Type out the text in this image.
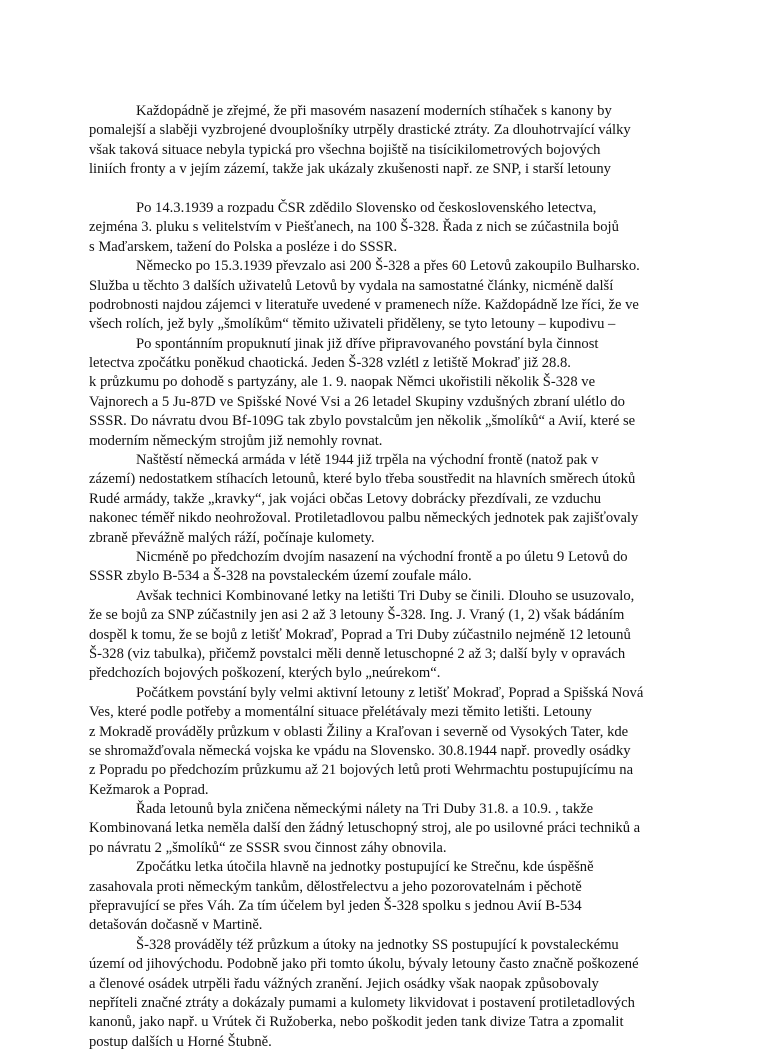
Každopádně je zřejmé, že při masovém nasazení moderních stíhaček s kanony by
pomalejší a slaběji vyzbrojené dvouplošníky utrpěly drastické ztráty. Za dlouhotrvající války
však taková situace nebyla typická pro všechna bojiště na tisícikilometrových bojových
liniích fronty a v jejím zázemí, takže jak ukázaly zkušenosti např. ze SNP, i starší letouny
Po 14.3.1939 a rozpadu ČSR zdědilo Slovensko od československého letectva,
zejména 3. pluku s velitelstvím v Piešťanech, na 100 Š-328. Řada z nich se zúčastnila bojů
s Maďarskem, tažení do Polska a posléze i do SSSR.
Německo po 15.3.1939 převzalo asi 200 Š-328 a přes 60 Letovů zakoupilo Bulharsko.
Služba u těchto 3 dalších uživatelů Letovů by vydala na samostatné články, nicméně další
podrobnosti najdou zájemci v literatuře uvedené v pramenech níže. Každopádně lze říci, že ve
všech rolích, jež byly „šmolíkům“ těmito uživateli přiděleny, se tyto letouny – kupodivu –
Po spontánním propuknutí jinak již dříve připravovaného povstání byla činnost
letectva zpočátku poněkud chaotická. Jeden Š-328 vzlétl z letiště Mokraď již 28.8.
k průzkumu po dohodě s partyzány, ale 1. 9. naopak Němci ukořistili několik Š-328 ve
Vajnorech a 5 Ju-87D ve Spišské Nové Vsi a 26 letadel Skupiny vzdušných zbraní ulétlo do
SSSR. Do návratu dvou Bf-109G tak zbylo povstalcům jen několik „šmolíků“ a Avií, které se
moderním německým strojům již nemohly rovnat.
Naštěstí německá armáda v létě 1944 již trpěla na východní frontě (natož pak v
zázemí) nedostatkem stíhacích letounů, které bylo třeba soustředit na hlavních směrech útoků
Rudé armády, takže „kravky“, jak vojáci občas Letovy dobrácky přezdívali, ze vzduchu
nakonec téměř nikdo neohrožoval. Protiletadlovou palbu německých jednotek pak zajišťovaly
zbraně převážně malých ráží, počínaje kulomety.
Nicméně po předchozím dvojím nasazení na východní frontě a po úletu 9 Letovů do
SSSR zbylo B-534 a Š-328 na povstaleckém území zoufale málo.
Avšak technici Kombinované letky na letišti Tri Duby se činili. Dlouho se usuzovalo,
že se bojů za SNP zúčastnily jen asi 2 až 3 letouny Š-328. Ing. J. Vraný (1, 2) však bádáním
dospěl k tomu, že se bojů z letišť Mokraď, Poprad a Tri Duby zúčastnilo nejméně 12 letounů
Š-328 (viz tabulka), přičemž povstalci měli denně letuschopné 2 až 3; další byly v opravách
předchozích bojových poškození, kterých bylo „neúrekom“.
Počátkem povstání byly velmi aktivní letouny z letišť Mokraď, Poprad a Spišská Nová
Ves, které podle potřeby a momentální situace přelétávaly mezi těmito letišti. Letouny
z Mokradě prováděly průzkum v oblasti Žiliny a Kraľovan i severně od Vysokých Tater, kde
se shromažďovala německá vojska ke vpádu na Slovensko. 30.8.1944 např. provedly osádky
z Popradu po předchozím průzkumu až 21 bojových letů proti Wehrmachtu postupujícímu na
Kežmarok a Poprad.
Řada letounů byla zničena německými nálety na Tri Duby 31.8. a 10.9. , takže
Kombinovaná letka neměla další den žádný letuschopný stroj, ale po usilovné práci techniků a
po návratu 2 „šmolíků“ ze SSSR svou činnost záhy obnovila.
Zpočátku letka útočila hlavně na jednotky postupující ke Strečnu, kde úspěšně
zasahovala proti německým tankům, dělostřelectvu a jeho pozorovatelnám i pěchotě
přepravující se přes Váh. Za tím účelem byl jeden Š-328 spolku s jednou Avií B-534
detašován dočasně v Martině.
Š-328 prováděly též průzkum a útoky na jednotky SS postupující k povstaleckému
území od jihovýchodu. Podobně jako při tomto úkolu, bývaly letouny často značně poškozené
a členové osádek utrpěli řadu vážných zranění. Jejich osádky však naopak způsobovaly
nepříteli značné ztráty a dokázaly pumami a kulomety likvidovat i postavení protiletadlových
kanonů, jako např. u Vrútek či Ružoberka, nebo poškodit jeden tank divize Tatra a zpomalit
postup dalších u Horné Štubně.
